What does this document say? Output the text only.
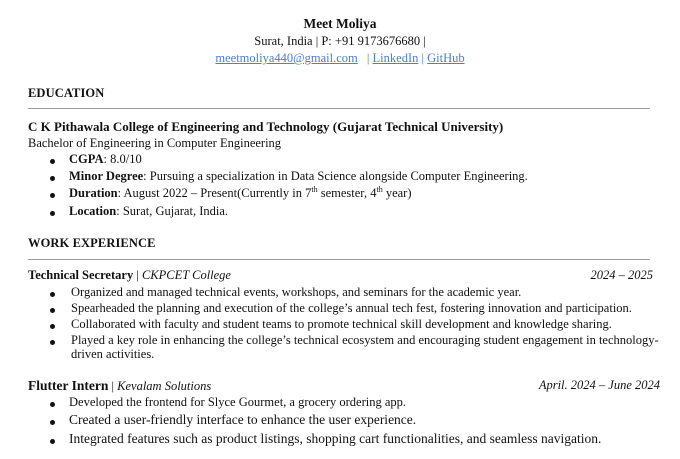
Meet Moliya
Surat, India | P: +91 9173676680 |
meetmoliya440@gmail.com | LinkedIn | GitHub
EDUCATION
C K Pithawala College of Engineering and Technology (Gujarat Technical University)
Bachelor of Engineering in Computer Engineering
CGPA: 8.0/10
Minor Degree: Pursuing a specialization in Data Science alongside Computer Engineering.
Duration: August 2022 – Present(Currently in 7th semester, 4th year)
Location: Surat, Gujarat, India.
WORK EXPERIENCE
Technical Secretary | CKPCET College	2024 – 2025
Organized and managed technical events, workshops, and seminars for the academic year.
Spearheaded the planning and execution of the college’s annual tech fest, fostering innovation and participation.
Collaborated with faculty and student teams to promote technical skill development and knowledge sharing.
Played a key role in enhancing the college’s technical ecosystem and encouraging student engagement in technology-
driven activities.
Flutter Intern | Kevalam Solutions	April. 2024 – June 2024
Developed the frontend for Slyce Gourmet, a grocery ordering app.
Created a user-friendly interface to enhance the user experience.
Integrated features such as product listings, shopping cart functionalities, and seamless navigation.
